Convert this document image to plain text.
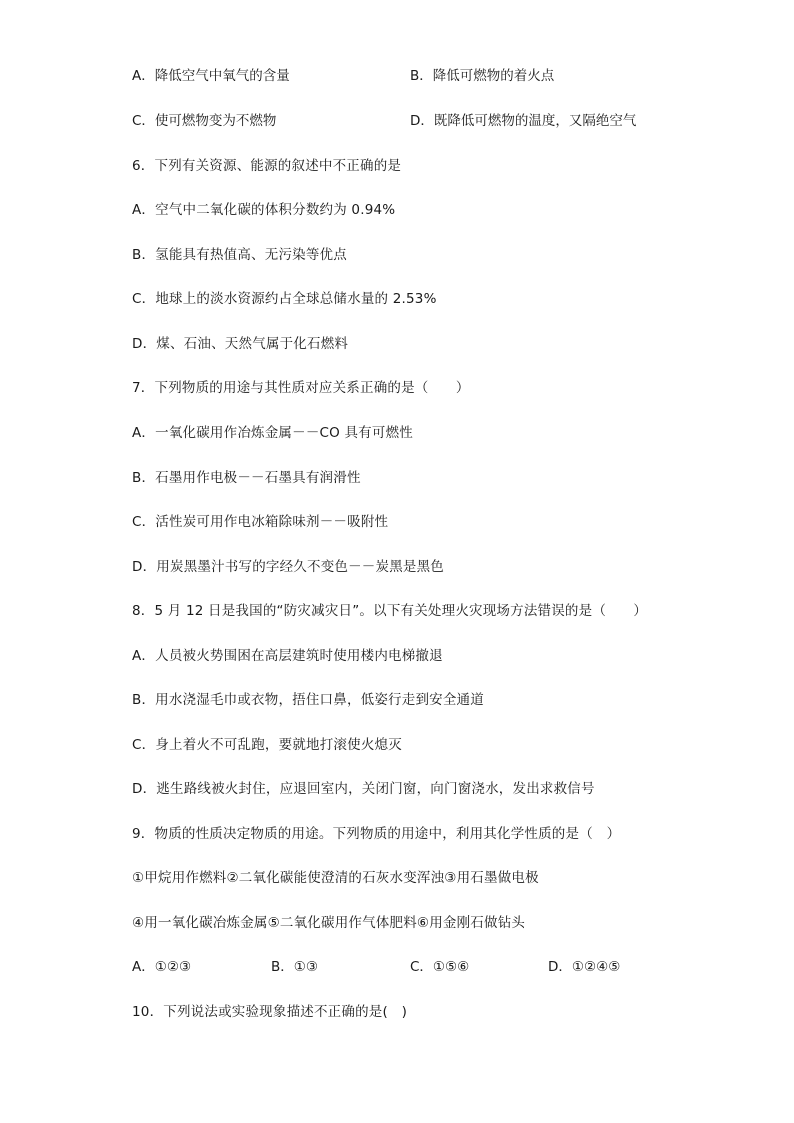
A．降低空气中氧气的含量	B．降低可燃物的着火点
C．使可燃物变为不燃物	D．既降低可燃物的温度，又隔绝空气
6．下列有关资源、能源的叙述中不正确的是
A．空气中二氧化碳的体积分数约为 0.94%
B．氢能具有热值高、无污染等优点
C．地球上的淡水资源约占全球总储水量的 2.53%
D．煤、石油、天然气属于化石燃料
7．下列物质的用途与其性质对应关系正确的是（　　）
A．一氧化碳用作冶炼金属－－CO 具有可燃性
B．石墨用作电极－－石墨具有润滑性
C．活性炭可用作电冰箱除味剂－－吸附性
D．用炭黑墨汁书写的字经久不变色－－炭黑是黑色
8．5 月 12 日是我国的“防灾减灾日”。以下有关处理火灾现场方法错误的是（　　）
A．人员被火势围困在高层建筑时使用楼内电梯撤退
B．用水浇湿毛巾或衣物，捂住口鼻，低姿行走到安全通道
C．身上着火不可乱跑，要就地打滚使火熄灭
D．逃生路线被火封住，应退回室内，关闭门窗，向门窗浇水，发出求救信号
9．物质的性质决定物质的用途。下列物质的用途中，利用其化学性质的是（　）
①甲烷用作燃料②二氧化碳能使澄清的石灰水变浑浊③用石墨做电极
④用一氧化碳冶炼金属⑤二氧化碳用作气体肥料⑥用金刚石做钻头
A．①②③	B．①③	C．①⑤⑥	D．①②④⑤
10．下列说法或实验现象描述不正确的是(　)
